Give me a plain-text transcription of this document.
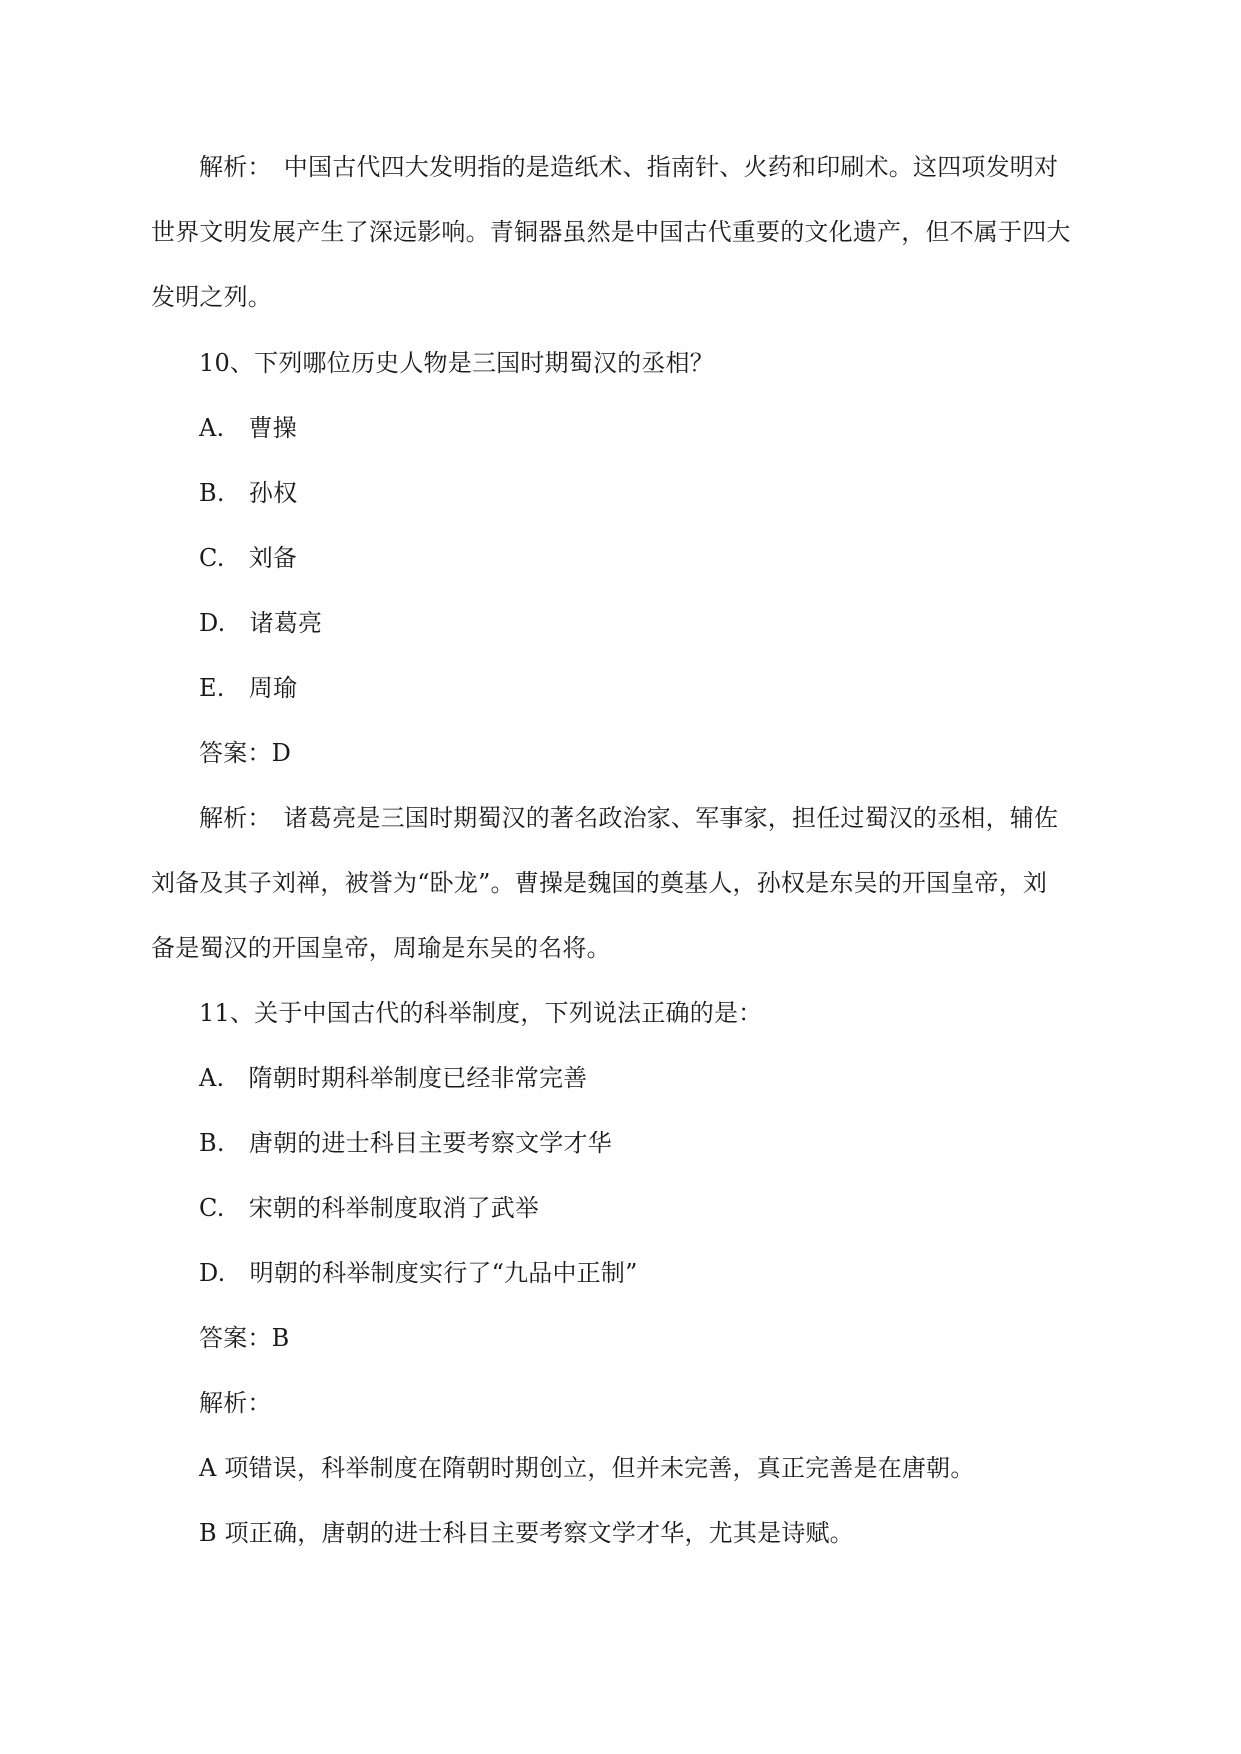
解析：　中国古代四大发明指的是造纸术、指南针、火药和印刷术。这四项发明对
世界文明发展产生了深远影响。青铜器虽然是中国古代重要的文化遗产，但不属于四大
发明之列。
10、下列哪位历史人物是三国时期蜀汉的丞相？
A.　曹操
B.　孙权
C.　刘备
D.　诸葛亮
E.　周瑜
答案：D
解析：　诸葛亮是三国时期蜀汉的著名政治家、军事家，担任过蜀汉的丞相，辅佐
刘备及其子刘禅，被誉为“卧龙”。曹操是魏国的奠基人，孙权是东吴的开国皇帝，刘
备是蜀汉的开国皇帝，周瑜是东吴的名将。
11、关于中国古代的科举制度，下列说法正确的是：
A.　隋朝时期科举制度已经非常完善
B.　唐朝的进士科目主要考察文学才华
C.　宋朝的科举制度取消了武举
D.　明朝的科举制度实行了“九品中正制”
答案：B
解析：
A 项错误，科举制度在隋朝时期创立，但并未完善，真正完善是在唐朝。
B 项正确，唐朝的进士科目主要考察文学才华，尤其是诗赋。
